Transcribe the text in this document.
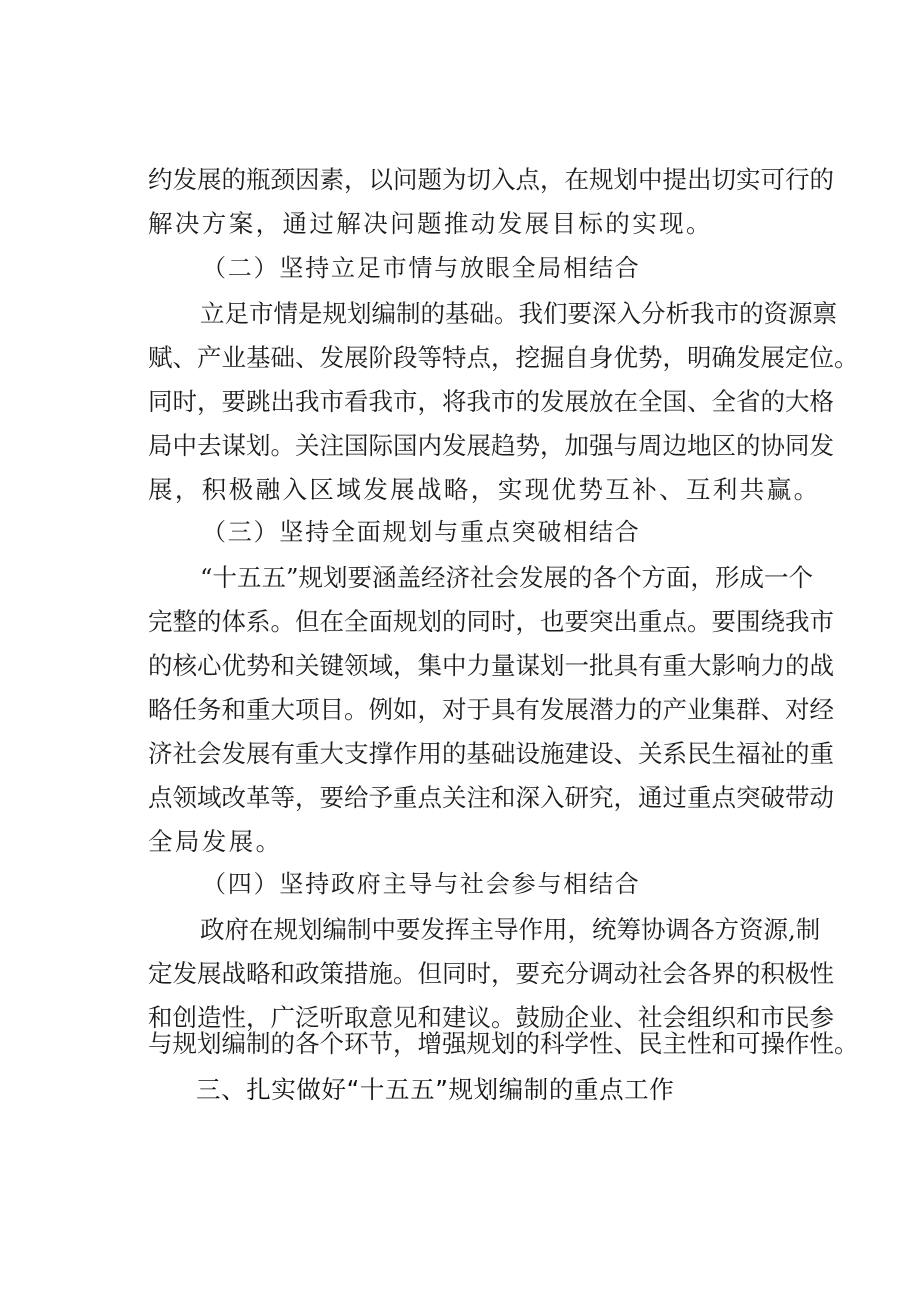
约发展的瓶颈因素，以问题为切入点，在规划中提出切实可行的
解决方案，通过解决问题推动发展目标的实现。
（二）坚持立足市情与放眼全局相结合
立足市情是规划编制的基础。我们要深入分析我市的资源禀
赋、产业基础、发展阶段等特点，挖掘自身优势，明确发展定位。
同时，要跳出我市看我市，将我市的发展放在全国、全省的大格
局中去谋划。关注国际国内发展趋势，加强与周边地区的协同发
展，积极融入区域发展战略，实现优势互补、互利共赢。
（三）坚持全面规划与重点突破相结合
“十五五”规划要涵盖经济社会发展的各个方面，形成一个
完整的体系。但在全面规划的同时，也要突出重点。要围绕我市
的核心优势和关键领域，集中力量谋划一批具有重大影响力的战
略任务和重大项目。例如，对于具有发展潜力的产业集群、对经
济社会发展有重大支撑作用的基础设施建设、关系民生福祉的重
点领域改革等，要给予重点关注和深入研究，通过重点突破带动
全局发展。
（四）坚持政府主导与社会参与相结合
政府在规划编制中要发挥主导作用，统筹协调各方资源,制
定发展战略和政策措施。但同时，要充分调动社会各界的积极性
和创造性，广泛听取意见和建议。鼓励企业、社会组织和市民参
与规划编制的各个环节，增强规划的科学性、民主性和可操作性。
三、扎实做好“十五五”规划编制的重点工作
